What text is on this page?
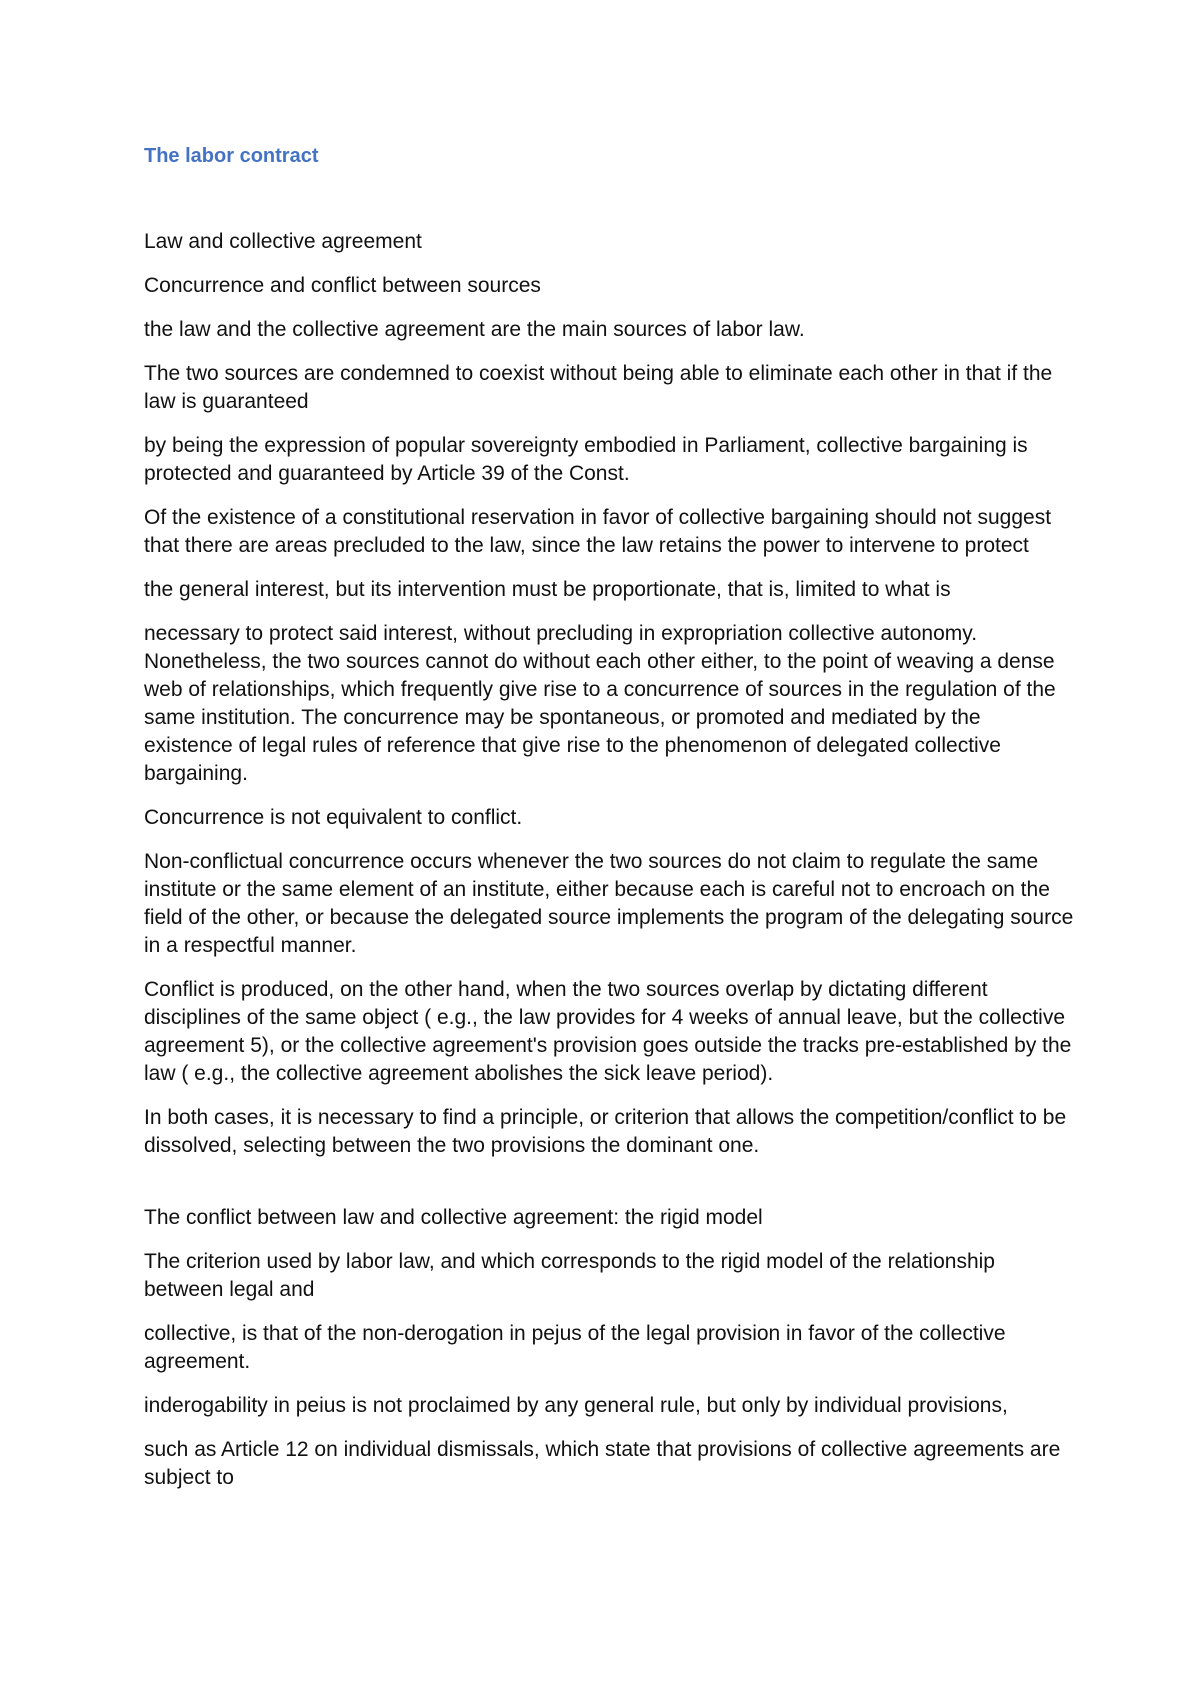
The labor contract

Law and collective agreement

Concurrence and conflict between sources

the law and the collective agreement are the main sources of labor law.

The two sources are condemned to coexist without being able to eliminate each other in that if the law is guaranteed

by being the expression of popular sovereignty embodied in Parliament, collective bargaining is protected and guaranteed by Article 39 of the Const.

Of the existence of a constitutional reservation in favor of collective bargaining should not suggest that there are areas precluded to the law, since the law retains the power to intervene to protect

the general interest, but its intervention must be proportionate, that is, limited to what is

necessary to protect said interest, without precluding in expropriation collective autonomy. Nonetheless, the two sources cannot do without each other either, to the point of weaving a dense web of relationships, which frequently give rise to a concurrence of sources in the regulation of the same institution. The concurrence may be spontaneous, or promoted and mediated by the existence of legal rules of reference that give rise to the phenomenon of delegated collective bargaining.

Concurrence is not equivalent to conflict.

Non-conflictual concurrence occurs whenever the two sources do not claim to regulate the same institute or the same element of an institute, either because each is careful not to encroach on the field of the other, or because the delegated source implements the program of the delegating source in a respectful manner.

Conflict is produced, on the other hand, when the two sources overlap by dictating different disciplines of the same object ( e.g., the law provides for 4 weeks of annual leave, but the collective agreement 5), or the collective agreement's provision goes outside the tracks pre-established by the law ( e.g., the collective agreement abolishes the sick leave period).

In both cases, it is necessary to find a principle, or criterion that allows the competition/conflict to be dissolved, selecting between the two provisions the dominant one.

The conflict between law and collective agreement: the rigid model

The criterion used by labor law, and which corresponds to the rigid model of the relationship between legal and

collective, is that of the non-derogation in pejus of the legal provision in favor of the collective agreement.

inderogability in peius is not proclaimed by any general rule, but only by individual provisions,

such as Article 12 on individual dismissals, which state that provisions of collective agreements are subject to
